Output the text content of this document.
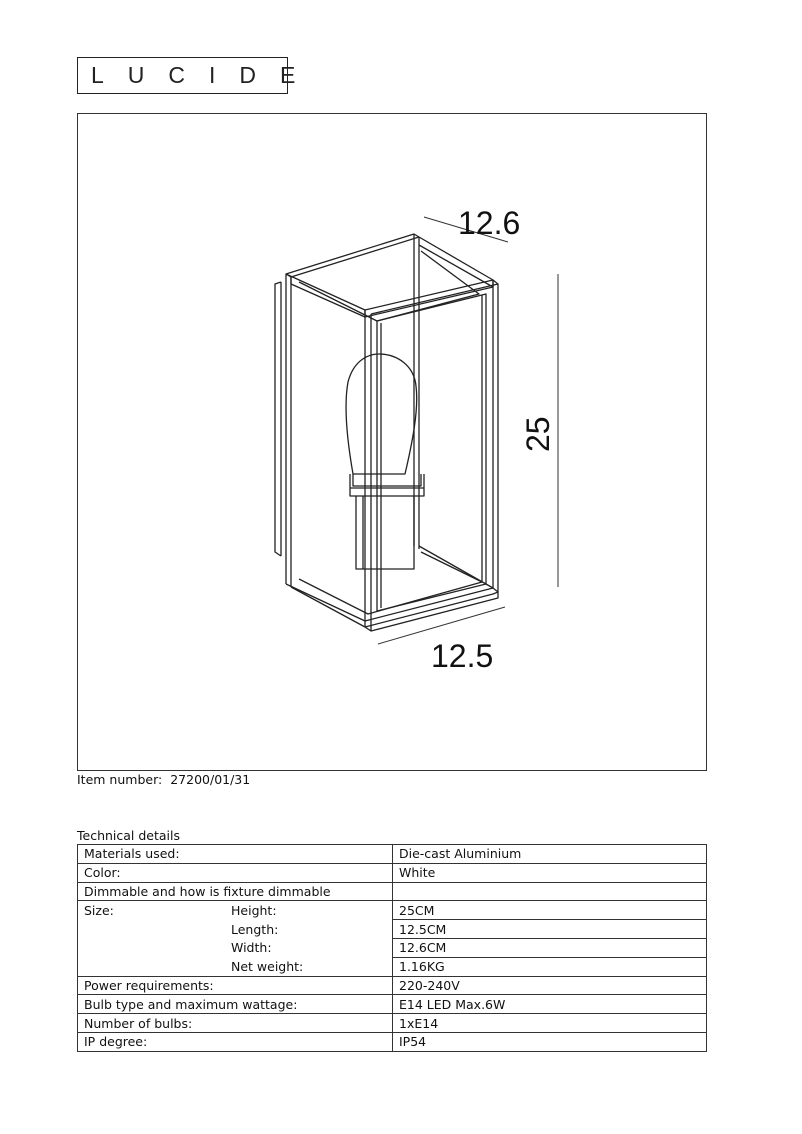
LUCIDE
12.6
12.5
25
Item number: 27200/01/31
Technical details
Materials used:	Die-cast Aluminium
Color:	White
Dimmable and how is fixture dimmable	
Size: Height:	25CM
Length:	12.5CM
Width:	12.6CM
Net weight:	1.16KG
Power requirements:	220-240V
Bulb type and maximum wattage:	E14 LED Max.6W
Number of bulbs:	1xE14
IP degree:	IP54
